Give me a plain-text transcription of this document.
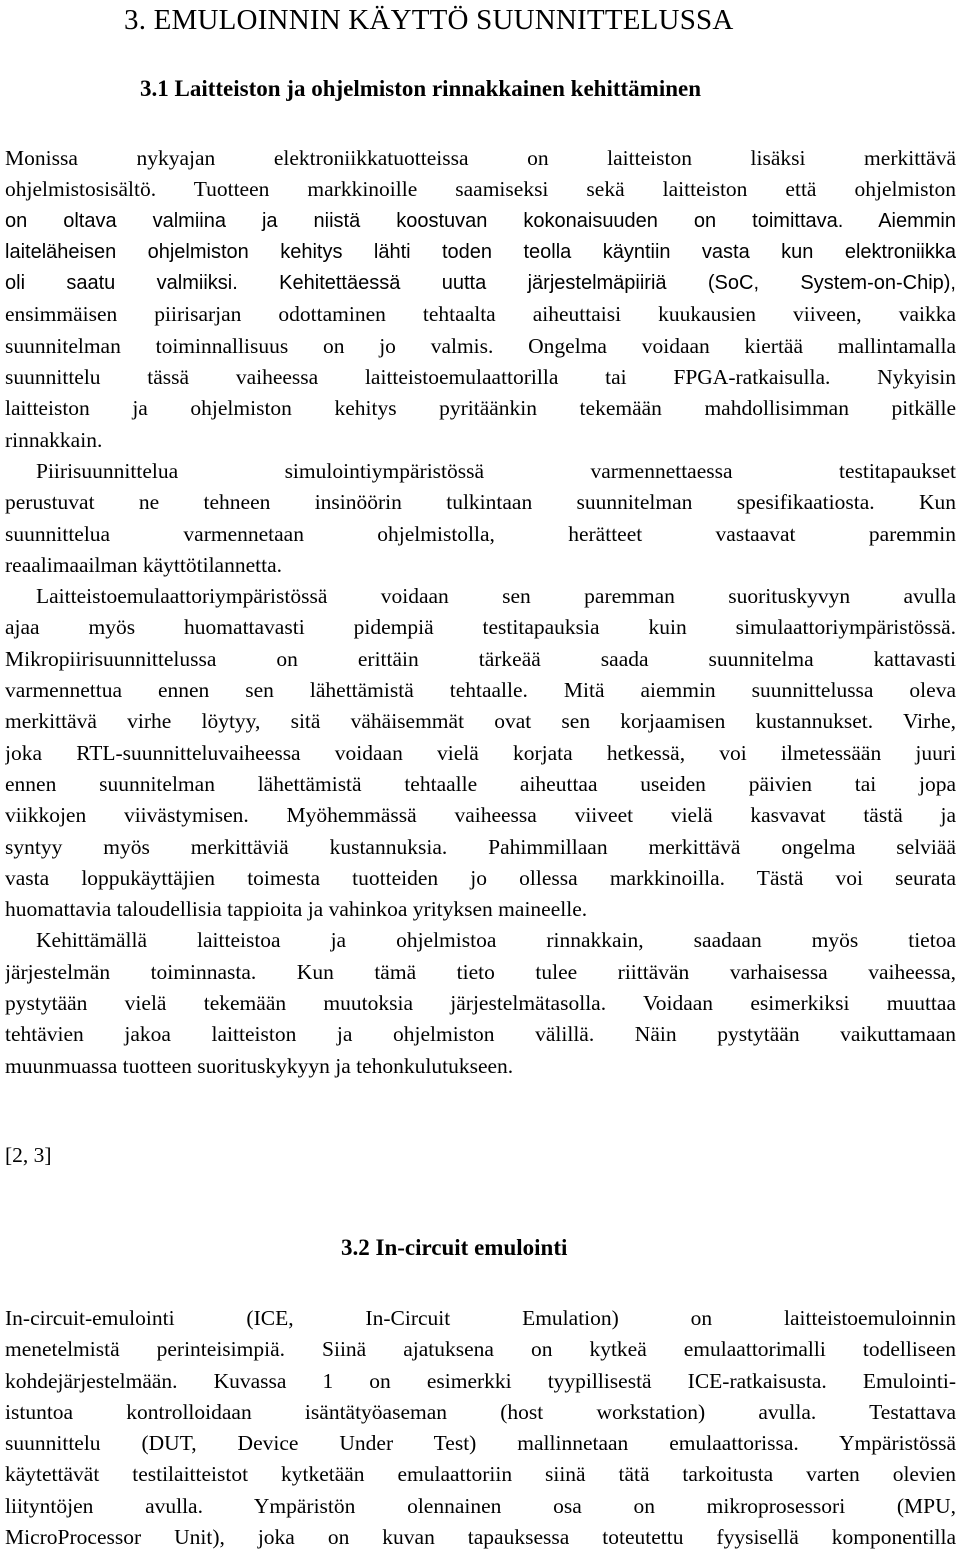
3. EMULOINNIN KÄYTTÖ SUUNNITTELUSSA
3.1 Laitteiston ja ohjelmiston rinnakkainen kehittäminen
Monissa nykyajan elektroniikkatuotteissa on laitteiston lisäksi merkittävä
ohjelmistosisältö. Tuotteen markkinoille saamiseksi sekä laitteiston että ohjelmiston
on oltava valmiina ja niistä koostuvan kokonaisuuden on toimittava. Aiemmin
laiteläheisen ohjelmiston kehitys lähti toden teolla käyntiin vasta kun elektroniikka
oli saatu valmiiksi. Kehitettäessä uutta järjestelmäpiiriä (SoC, System-on-Chip),
ensimmäisen piirisarjan odottaminen tehtaalta aiheuttaisi kuukausien viiveen, vaikka
suunnitelman toiminnallisuus on jo valmis. Ongelma voidaan kiertää mallintamalla
suunnittelu tässä vaiheessa laitteistoemulaattorilla tai FPGA-ratkaisulla. Nykyisin
laitteiston ja ohjelmiston kehitys pyritäänkin tekemään mahdollisimman pitkälle
rinnakkain.
Piirisuunnittelua simulointiympäristössä varmennettaessa testitapaukset
perustuvat ne tehneen insinöörin tulkintaan suunnitelman spesifikaatiosta. Kun
suunnittelua varmennetaan ohjelmistolla, herätteet vastaavat paremmin
reaalimaailman käyttötilannetta.
Laitteistoemulaattoriympäristössä voidaan sen paremman suorituskyvyn avulla
ajaa myös huomattavasti pidempiä testitapauksia kuin simulaattoriympäristössä.
Mikropiirisuunnittelussa on erittäin tärkeää saada suunnitelma kattavasti
varmennettua ennen sen lähettämistä tehtaalle. Mitä aiemmin suunnittelussa oleva
merkittävä virhe löytyy, sitä vähäisemmät ovat sen korjaamisen kustannukset. Virhe,
joka RTL-suunnitteluvaiheessa voidaan vielä korjata hetkessä, voi ilmetessään juuri
ennen suunnitelman lähettämistä tehtaalle aiheuttaa useiden päivien tai jopa
viikkojen viivästymisen. Myöhemmässä vaiheessa viiveet vielä kasvavat tästä ja
syntyy myös merkittäviä kustannuksia. Pahimmillaan merkittävä ongelma selviää
vasta loppukäyttäjien toimesta tuotteiden jo ollessa markkinoilla. Tästä voi seurata
huomattavia taloudellisia tappioita ja vahinkoa yrityksen maineelle.
Kehittämällä laitteistoa ja ohjelmistoa rinnakkain, saadaan myös tietoa
järjestelmän toiminnasta. Kun tämä tieto tulee riittävän varhaisessa vaiheessa,
pystytään vielä tekemään muutoksia järjestelmätasolla. Voidaan esimerkiksi muuttaa
tehtävien jakoa laitteiston ja ohjelmiston välillä. Näin pystytään vaikuttamaan
muunmuassa tuotteen suorituskykyyn ja tehonkulutukseen.
[2, 3]
3.2 In-circuit emulointi
In-circuit-emulointi (ICE, In-Circuit Emulation) on laitteistoemuloinnin
menetelmistä perinteisimpiä. Siinä ajatuksena on kytkeä emulaattorimalli todelliseen
kohdejärjestelmään. Kuvassa 1 on esimerkki tyypillisestä ICE-ratkaisusta. Emulointi-
istuntoa kontrolloidaan isäntätyöaseman (host workstation) avulla. Testattava
suunnittelu (DUT, Device Under Test) mallinnetaan emulaattorissa. Ympäristössä
käytettävät testilaitteistot kytketään emulaattoriin siinä tätä tarkoitusta varten olevien
liityntöjen avulla. Ympäristön olennainen osa on mikroprosessori (MPU,
MicroProcessor Unit), joka on kuvan tapauksessa toteutettu fyysisellä komponentilla
